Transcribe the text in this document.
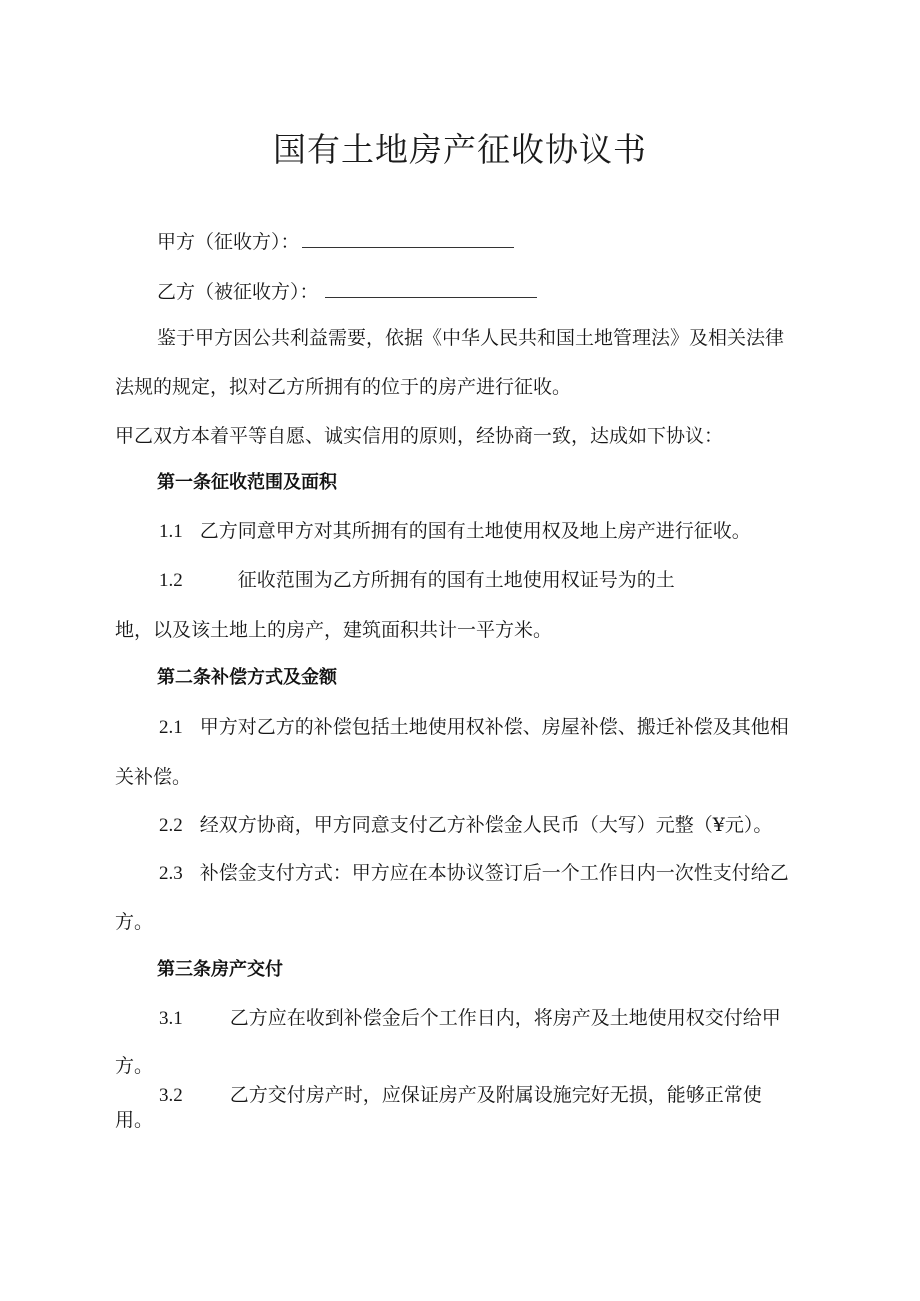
国有土地房产征收协议书
甲方（征收方）：
乙方（被征收方）：
鉴于甲方因公共利益需要，依据《中华人民共和国土地管理法》及相关法律
法规的规定，拟对乙方所拥有的位于的房产进行征收。
甲乙双方本着平等自愿、诚实信用的原则，经协商一致，达成如下协议：
第一条征收范围及面积
1.1 乙方同意甲方对其所拥有的国有土地使用权及地上房产进行征收。
1.2	征收范围为乙方所拥有的国有土地使用权证号为的土
地，以及该土地上的房产，建筑面积共计一平方米。
第二条补偿方式及金额
2.1 甲方对乙方的补偿包括土地使用权补偿、房屋补偿、搬迁补偿及其他相
关补偿。
2.2 经双方协商，甲方同意支付乙方补偿金人民币（大写）元整（¥元）。
2.3 补偿金支付方式：甲方应在本协议签订后一个工作日内一次性支付给乙
方。
第三条房产交付
3.1 乙方应在收到补偿金后个工作日内，将房产及土地使用权交付给甲
方。
3.2 乙方交付房产时，应保证房产及附属设施完好无损，能够正常使
用。
